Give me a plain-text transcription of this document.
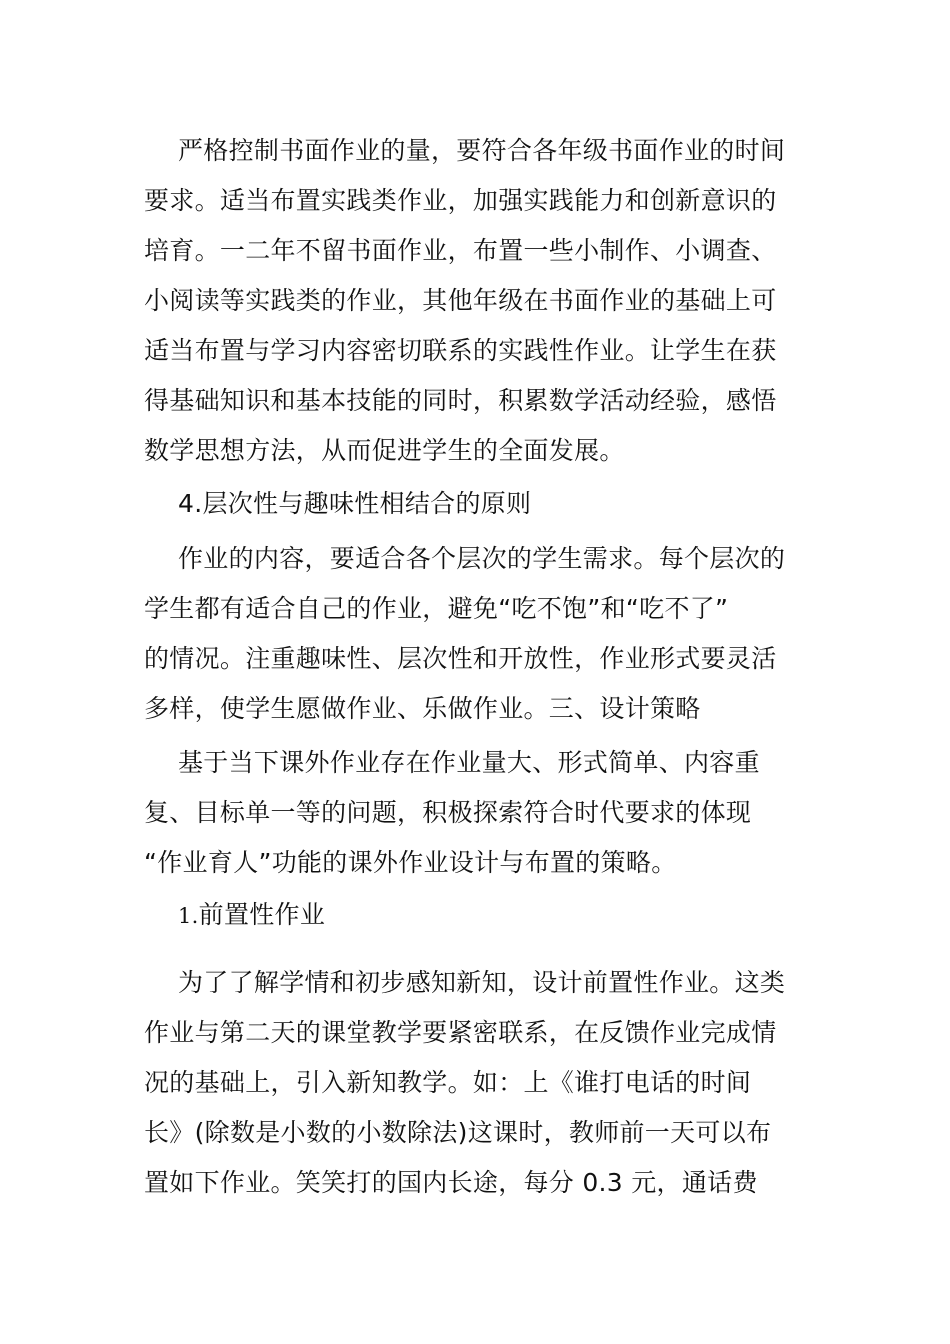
严格控制书面作业的量，要符合各年级书面作业的时间
要求。适当布置实践类作业，加强实践能力和创新意识的
培育。一二年不留书面作业，布置一些小制作、小调查、
小阅读等实践类的作业，其他年级在书面作业的基础上可
适当布置与学习内容密切联系的实践性作业。让学生在获
得基础知识和基本技能的同时，积累数学活动经验，感悟
数学思想方法，从而促进学生的全面发展。
4.层次性与趣味性相结合的原则
作业的内容，要适合各个层次的学生需求。每个层次的
学生都有适合自己的作业，避免“吃不饱”和“吃不了”
的情况。注重趣味性、层次性和开放性，作业形式要灵活
多样，使学生愿做作业、乐做作业。三、设计策略
基于当下课外作业存在作业量大、形式简单、内容重
复、目标单一等的问题，积极探索符合时代要求的体现
“作业育人”功能的课外作业设计与布置的策略。
1.前置性作业
为了了解学情和初步感知新知，设计前置性作业。这类
作业与第二天的课堂教学要紧密联系，在反馈作业完成情
况的基础上，引入新知教学。如：上《谁打电话的时间
长》(除数是小数的小数除法)这课时，教师前一天可以布
置如下作业。笑笑打的国内长途，每分 0.3 元，通话费
